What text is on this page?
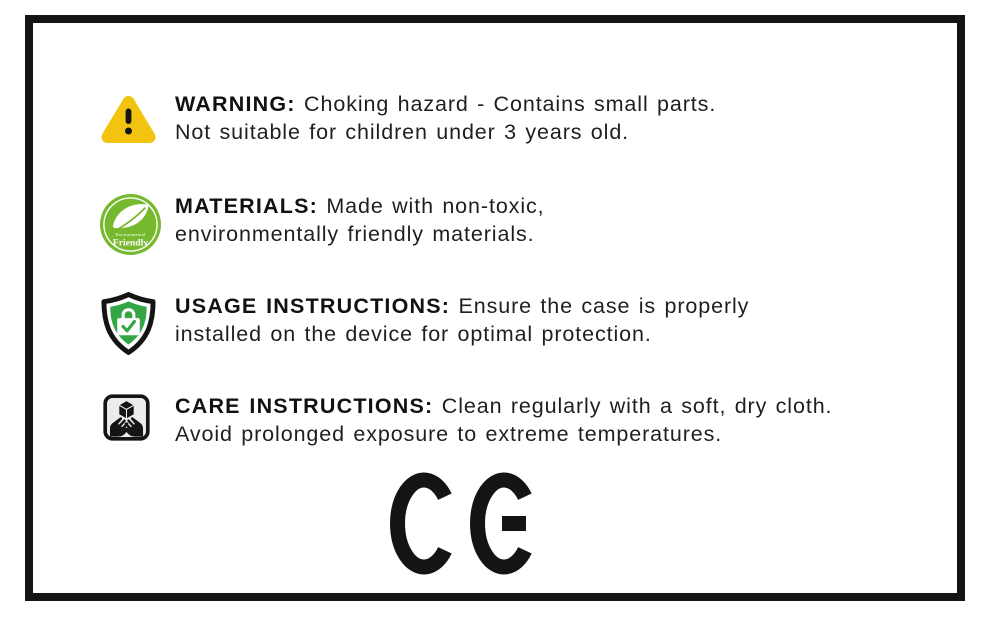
WARNING: Choking hazard - Contains small parts.
Not suitable for children under 3 years old.
Environmental
Friendly
MATERIALS: Made with non-toxic,
environmentally friendly materials.
USAGE INSTRUCTIONS: Ensure the case is properly
installed on the device for optimal protection.
CARE INSTRUCTIONS: Clean regularly with a soft, dry cloth.
Avoid prolonged exposure to extreme temperatures.
